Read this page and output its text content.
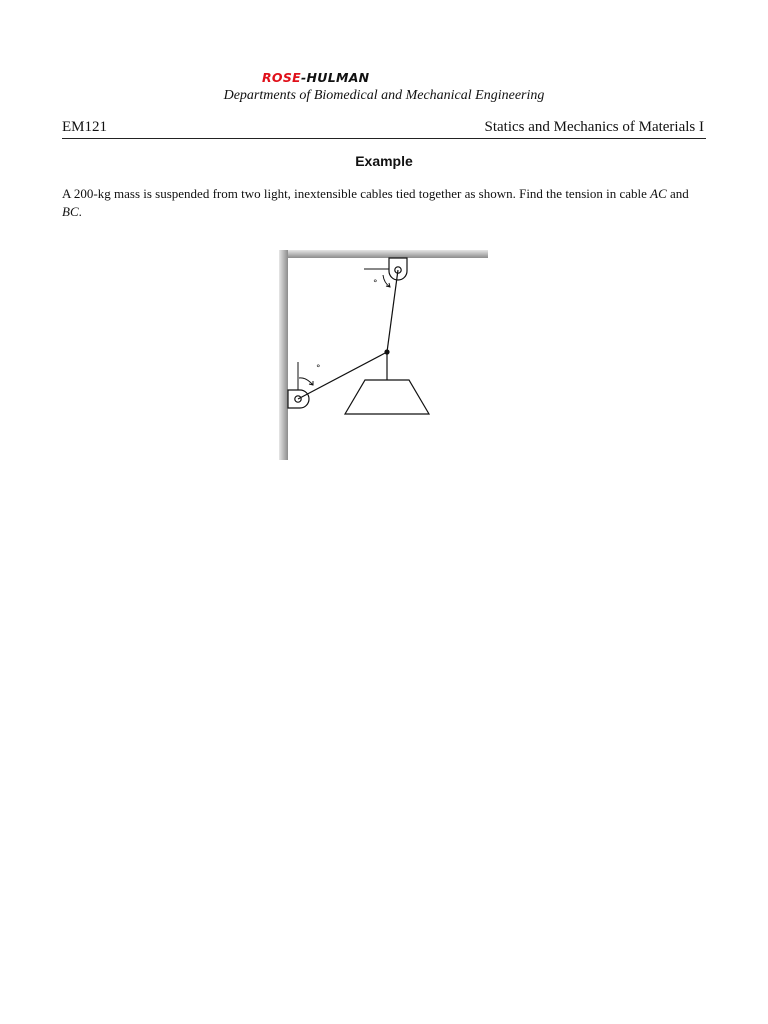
ROSE-HULMAN
Departments of Biomedical and Mechanical Engineering
EM121	Statics and Mechanics of Materials I
Example
A 200-kg mass is suspended from two light, inextensible cables tied together as shown. Find the tension in cable AC and BC.
°
°
